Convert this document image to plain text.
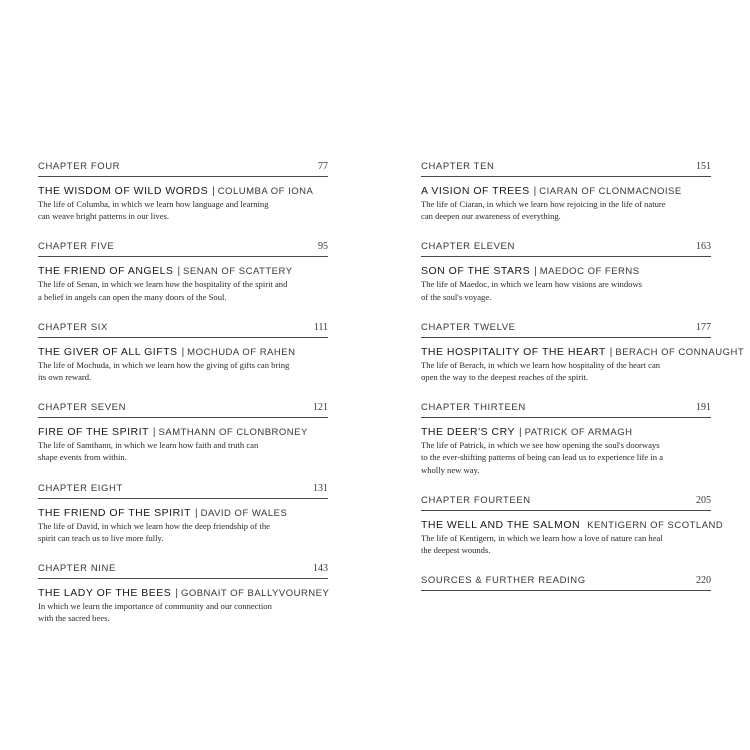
CHAPTER FOUR	77
THE WISDOM OF WILD WORDS | COLUMBA OF IONA
The life of Columba, in which we learn how language and learning
can weave bright patterns in our lives.
CHAPTER FIVE	95
THE FRIEND OF ANGELS | SENAN OF SCATTERY
The life of Senan, in which we learn how the hospitality of the spirit and
a belief in angels can open the many doors of the Soul.
CHAPTER SIX	111
THE GIVER OF ALL GIFTS | MOCHUDA OF RAHEN
The life of Mochuda, in which we learn how the giving of gifts can bring
its own reward.
CHAPTER SEVEN	121
FIRE OF THE SPIRIT | SAMTHANN OF CLONBRONEY
The life of Samthann, in which we learn how faith and truth can
shape events from within.
CHAPTER EIGHT	131
THE FRIEND OF THE SPIRIT | DAVID OF WALES
The life of David, in which we learn how the deep friendship of the
spirit can teach us to live more fully.
CHAPTER NINE	143
THE LADY OF THE BEES | GOBNAIT OF BALLYVOURNEY
In which we learn the importance of community and our connection
with the sacred bees.
CHAPTER TEN	151
A VISION OF TREES | CIARAN OF CLONMACNOISE
The life of Ciaran, in which we learn how rejoicing in the life of nature
can deepen our awareness of everything.
CHAPTER ELEVEN	163
SON OF THE STARS | MAEDOC OF FERNS
The life of Maedoc, in which we learn how visions are windows
of the soul's voyage.
CHAPTER TWELVE	177
THE HOSPITALITY OF THE HEART | BERACH OF CONNAUGHT
The life of Berach, in which we learn how hospitality of the heart can
open the way to the deepest reaches of the spirit.
CHAPTER THIRTEEN	191
THE DEER'S CRY | PATRICK OF ARMAGH
The life of Patrick, in which we see how opening the soul's doorways
to the ever-shifting patterns of being can lead us to experience life in a
wholly new way.
CHAPTER FOURTEEN	205
THE WELL AND THE SALMON KENTIGERN OF SCOTLAND
The life of Kentigern, in which we learn how a love of nature can heal
the deepest wounds.
SOURCES & FURTHER READING	220
